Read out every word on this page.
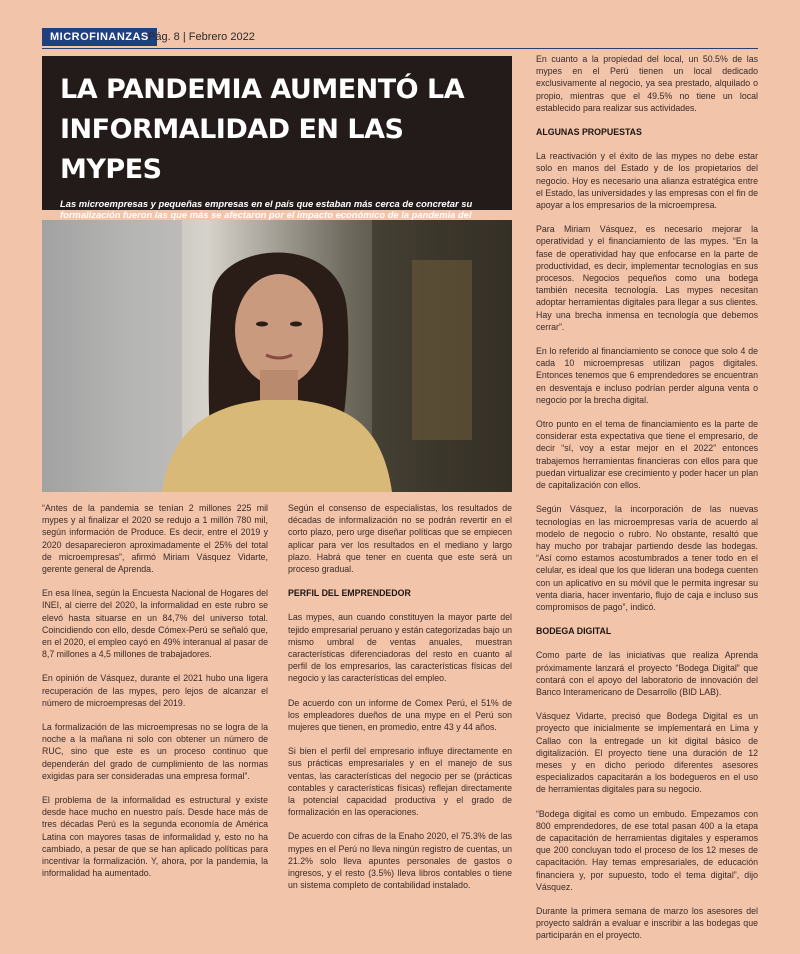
MICROFINANZAS Pág. 8 | Febrero 2022
LA PANDEMIA AUMENTÓ LA INFORMALIDAD EN LAS MYPES
Las microempresas y pequeñas empresas en el país que estaban más cerca de concretar su formalización fueron las que más se afectaron por el impacto económico de la pandemia del

“Antes de la pandemia se tenían 2 millones 225 mil mypes y al finalizar el 2020 se redujo a 1 millón 780 mil, según información de Produce. Es decir, entre el 2019 y 2020 desaparecieron aproximadamente el 25% del total de microempresas”, afirmó Miriam Vásquez Vidarte, gerente general de Aprenda.

En esa línea, según la Encuesta Nacional de Hogares del INEI, al cierre del 2020, la informalidad en este rubro se elevó hasta situarse en un 84,7% del universo total. Coincidiendo con ello, desde Cómex-Perú se señaló que, en el 2020, el empleo cayó en 49% interanual al pasar de 8,7 millones a 4,5 millones de trabajadores.

En opinión de Vásquez, durante el 2021 hubo una ligera recuperación de las mypes, pero lejos de alcanzar el número de microempresas del 2019.

La formalización de las microempresas no se logra de la noche a la mañana ni solo con obtener un número de RUC, sino que este es un proceso continuo que dependerán del grado de cumplimiento de las normas exigidas para ser consideradas una empresa formal”.

El problema de la informalidad es estructural y existe desde hace mucho en nuestro país. Desde hace más de tres décadas Perú es la segunda economía de América Latina con mayores tasas de informalidad y, esto no ha cambiado, a pesar de que se han aplicado políticas para incentivar la formalización. Y, ahora, por la pandemia, la informalidad ha aumentado.

Según el consenso de especialistas, los resultados de décadas de informalización no se podrán revertir en el corto plazo, pero urge diseñar políticas que se empiecen aplicar para ver los resultados en el mediano y largo plazo. Habrá que tener en cuenta que este será un proceso gradual.

PERFIL DEL EMPRENDEDOR

Las mypes, aun cuando constituyen la mayor parte del tejido empresarial peruano y están categorizadas bajo un mismo umbral de ventas anuales, muestran características diferenciadoras del resto en cuanto al perfil de los empresarios, las características físicas del negocio y las características del empleo.

De acuerdo con un informe de Comex Perú, el 51% de los empleadores dueños de una mype en el Perú son mujeres que tienen, en promedio, entre 43 y 44 años.

Si bien el perfil del empresario influye directamente en sus prácticas empresariales y en el manejo de sus ventas, las características del negocio per se (prácticas contables y características físicas) reflejan directamente la potencial capacidad productiva y el grado de formalización en las operaciones.

De acuerdo con cifras de la Enaho 2020, el 75.3% de las mypes en el Perú no lleva ningún registro de cuentas, un 21.2% solo lleva apuntes personales de gastos o ingresos, y el resto (3.5%) lleva libros contables o tiene un sistema completo de contabilidad instalado.

En cuanto a la propiedad del local, un 50.5% de las mypes en el Perú tienen un local dedicado exclusivamente al negocio, ya sea prestado, alquilado o propio, mientras que el 49.5% no tiene un local establecido para realizar sus actividades.

ALGUNAS PROPUESTAS

La reactivación y el éxito de las mypes no debe estar solo en manos del Estado y de los propietarios del negocio. Hoy es necesario una alianza estratégica entre el Estado, las universidades y las empresas con el fin de apoyar a los empresarios de la microempresa.

Para Miriam Vásquez, es necesario mejorar la operatividad y el financiamiento de las mypes. “En la fase de operatividad hay que enfocarse en la parte de productividad, es decir, implementar tecnologías en sus procesos. Negocios pequeños como una bodega también necesita tecnología. Las mypes necesitan adoptar herramientas digitales para llegar a sus clientes. Hay una brecha inmensa en tecnología que debemos cerrar”.

En lo referido al financiamiento se conoce que solo 4 de cada 10 microempresas utilizan pagos digitales. Entonces tenemos que 6 emprendedores se encuentran en desventaja e incluso podrían perder alguna venta o negocio por la brecha digital.

Otro punto en el tema de financiamiento es la parte de considerar esta expectativa que tiene el empresario, de decir “sí, voy a estar mejor en el 2022” entonces trabajemos herramientas financieras con ellos para que puedan virtualizar ese crecimiento y poder hacer un plan de capitalización con ellos.

Según Vásquez, la incorporación de las nuevas tecnologías en las microempresas varía de acuerdo al modelo de negocio o rubro. No obstante, resaltó que hay mucho por trabajar partiendo desde las bodegas. “Así como estamos acostumbrados a tener todo en el celular, es ideal que los que lideran una bodega cuenten con un aplicativo en su móvil que le permita ingresar su venta diaria, hacer inventario, flujo de caja e incluso sus compromisos de pago”, indicó.

BODEGA DIGITAL

Como parte de las iniciativas que realiza Aprenda próximamente lanzará el proyecto “Bodega Digital” que contará con el apoyo del laboratorio de innovación del Banco Interamericano de Desarrollo (BID LAB).

Vásquez Vidarte, precisó que Bodega Digital es un proyecto que inicialmente se implementará en Lima y Callao con la entregade un kit digital básico de digitalización. El proyecto tiene una duración de 12 meses y en dicho periodo diferentes asesores especializados capacitarán a los bodegueros en el uso de herramientas digitales para su negocio.

“Bodega digital es como un embudo. Empezamos con 800 emprendedores, de ese total pasan 400 a la etapa de capacitación de herramientas digitales y esperamos que 200 concluyan todo el proceso de los 12 meses de capacitación. Hay temas empresariales, de educación financiera y, por supuesto, todo el tema digital”, dijo Vásquez.

Durante la primera semana de marzo los asesores del proyecto saldrán a evaluar e inscribir a las bodegas que participarán en el proyecto.
